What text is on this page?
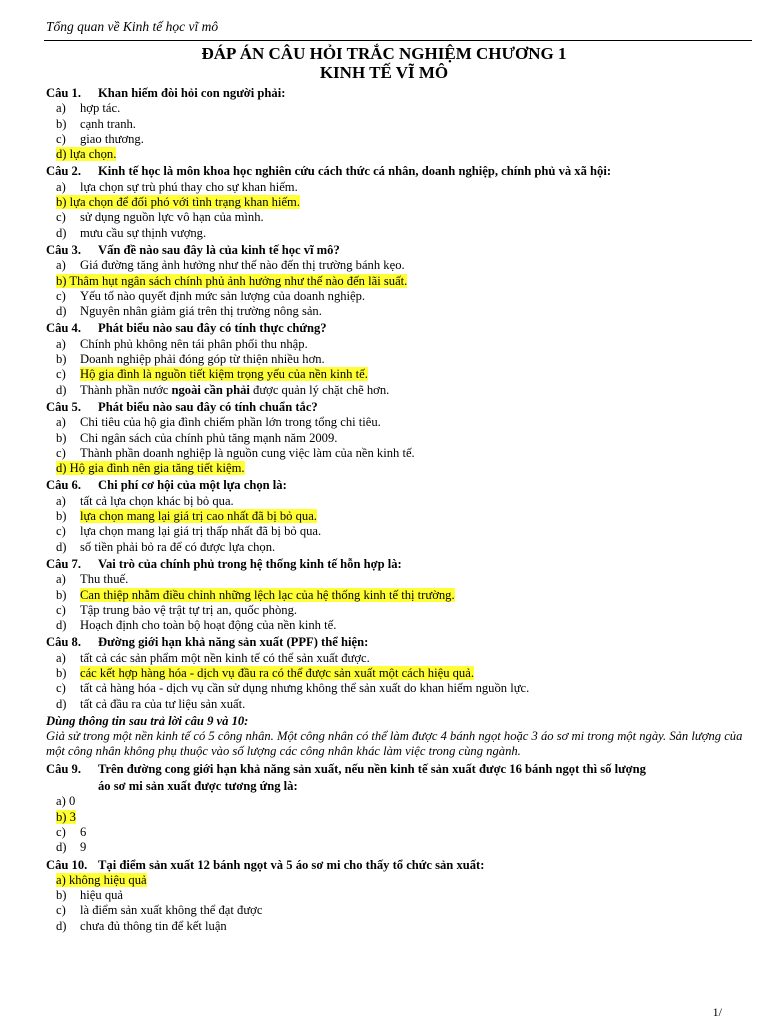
Tổng quan về Kinh tế học vĩ mô
ĐÁP ÁN CÂU HỎI TRẮC NGHIỆM CHƯƠNG 1
KINH TẾ VĨ MÔ
Câu 1. Khan hiếm đòi hỏi con người phải:
a) hợp tác.
b) cạnh tranh.
c) giao thương.
d) lựa chọn.
Câu 2. Kinh tế học là môn khoa học nghiên cứu cách thức cá nhân, doanh nghiệp, chính phủ và xã hội:
a) lựa chọn sự trù phú thay cho sự khan hiếm.
b) lựa chọn để đối phó với tình trạng khan hiếm.
c) sử dụng nguồn lực vô hạn của mình.
d) mưu cầu sự thịnh vượng.
Câu 3. Vấn đề nào sau đây là của kinh tế học vĩ mô?
a) Giá đường tăng ảnh hưởng như thế nào đến thị trường bánh kẹo.
b) Thâm hụt ngân sách chính phủ ảnh hưởng như thế nào đến lãi suất.
c) Yếu tố nào quyết định mức sản lượng của doanh nghiệp.
d) Nguyên nhân giảm giá trên thị trường nông sản.
Câu 4. Phát biểu nào sau đây có tính thực chứng?
a) Chính phủ không nên tái phân phối thu nhập.
b) Doanh nghiệp phải đóng góp từ thiện nhiều hơn.
c) Hộ gia đình là nguồn tiết kiệm trọng yếu của nền kinh tế.
d) Thành phần nước ngoài cần phải được quản lý chặt chẽ hơn.
Câu 5. Phát biểu nào sau đây có tính chuẩn tắc?
a) Chi tiêu của hộ gia đình chiếm phần lớn trong tổng chi tiêu.
b) Chi ngân sách của chính phủ tăng mạnh năm 2009.
c) Thành phần doanh nghiệp là nguồn cung việc làm của nền kinh tế.
d) Hộ gia đình nên gia tăng tiết kiệm.
Câu 6. Chi phí cơ hội của một lựa chọn là:
a) tất cả lựa chọn khác bị bỏ qua.
b) lựa chọn mang lại giá trị cao nhất đã bị bỏ qua.
c) lựa chọn mang lại giá trị thấp nhất đã bị bỏ qua.
d) số tiền phải bỏ ra để có được lựa chọn.
Câu 7. Vai trò của chính phủ trong hệ thống kinh tế hỗn hợp là:
a) Thu thuế.
b) Can thiệp nhằm điều chỉnh những lệch lạc của hệ thống kinh tế thị trường.
c) Tập trung bảo vệ trật tự trị an, quốc phòng.
d) Hoạch định cho toàn bộ hoạt động của nền kinh tế.
Câu 8. Đường giới hạn khả năng sản xuất (PPF) thể hiện:
a) tất cả các sản phẩm một nền kinh tế có thể sản xuất được.
b) các kết hợp hàng hóa - dịch vụ đầu ra có thể được sản xuất một cách hiệu quả.
c) tất cả hàng hóa - dịch vụ cần sử dụng nhưng không thể sản xuất do khan hiếm nguồn lực.
d) tất cả đầu ra của tư liệu sản xuất.
Dùng thông tin sau trả lời câu 9 và 10:
Giả sử trong một nền kinh tế có 5 công nhân. Một công nhân có thể làm được 4 bánh ngọt hoặc 3 áo sơ mi trong một ngày. Sản lượng của một công nhân không phụ thuộc vào số lượng các công nhân khác làm việc trong cùng ngành.
Câu 9. Trên đường cong giới hạn khả năng sản xuất, nếu nền kinh tế sản xuất được 16 bánh ngọt thì số lượng
áo sơ mi sản xuất được tương ứng là:
a) 0
b) 3
c) 6
d) 9
Câu 10. Tại điểm sản xuất 12 bánh ngọt và 5 áo sơ mi cho thấy tổ chức sản xuất:
a) không hiệu quả
b) hiệu quả
c) là điểm sản xuất không thể đạt được
d) chưa đủ thông tin để kết luận
1/
